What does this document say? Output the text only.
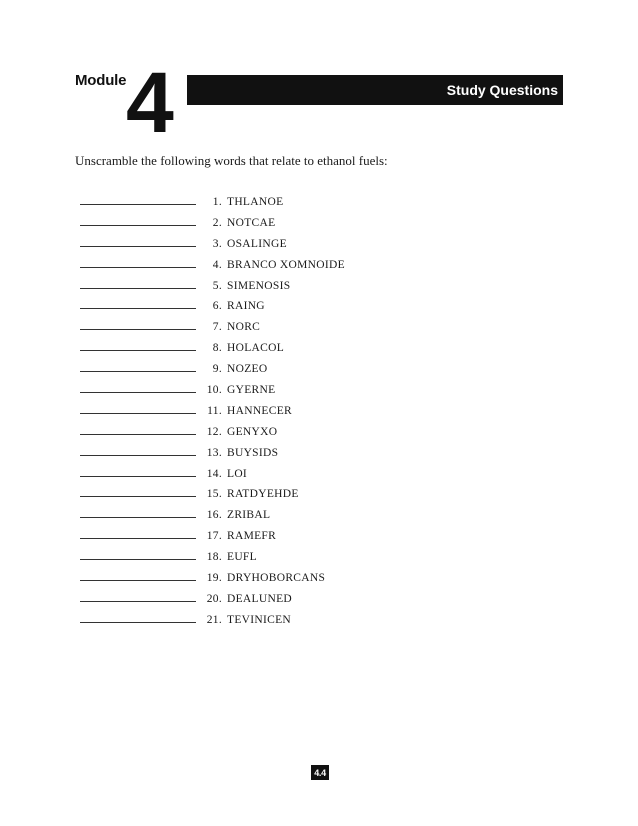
Module 4	Study Questions
Unscramble the following words that relate to ethanol fuels:
1. THLANOE
2. NOTCAE
3. OSALINGE
4. BRANCO XOMNOIDE
5. SIMENOSIS
6. RAING
7. NORC
8. HOLACOL
9. NOZEO
10. GYERNE
11. HANNECER
12. GENYXO
13. BUYSIDS
14. LOI
15. RATDYEHDE
16. ZRIBAL
17. RAMEFR
18. EUFL
19. DRYHOBORCANS
20. DEALUNED
21. TEVINICEN
4.4
